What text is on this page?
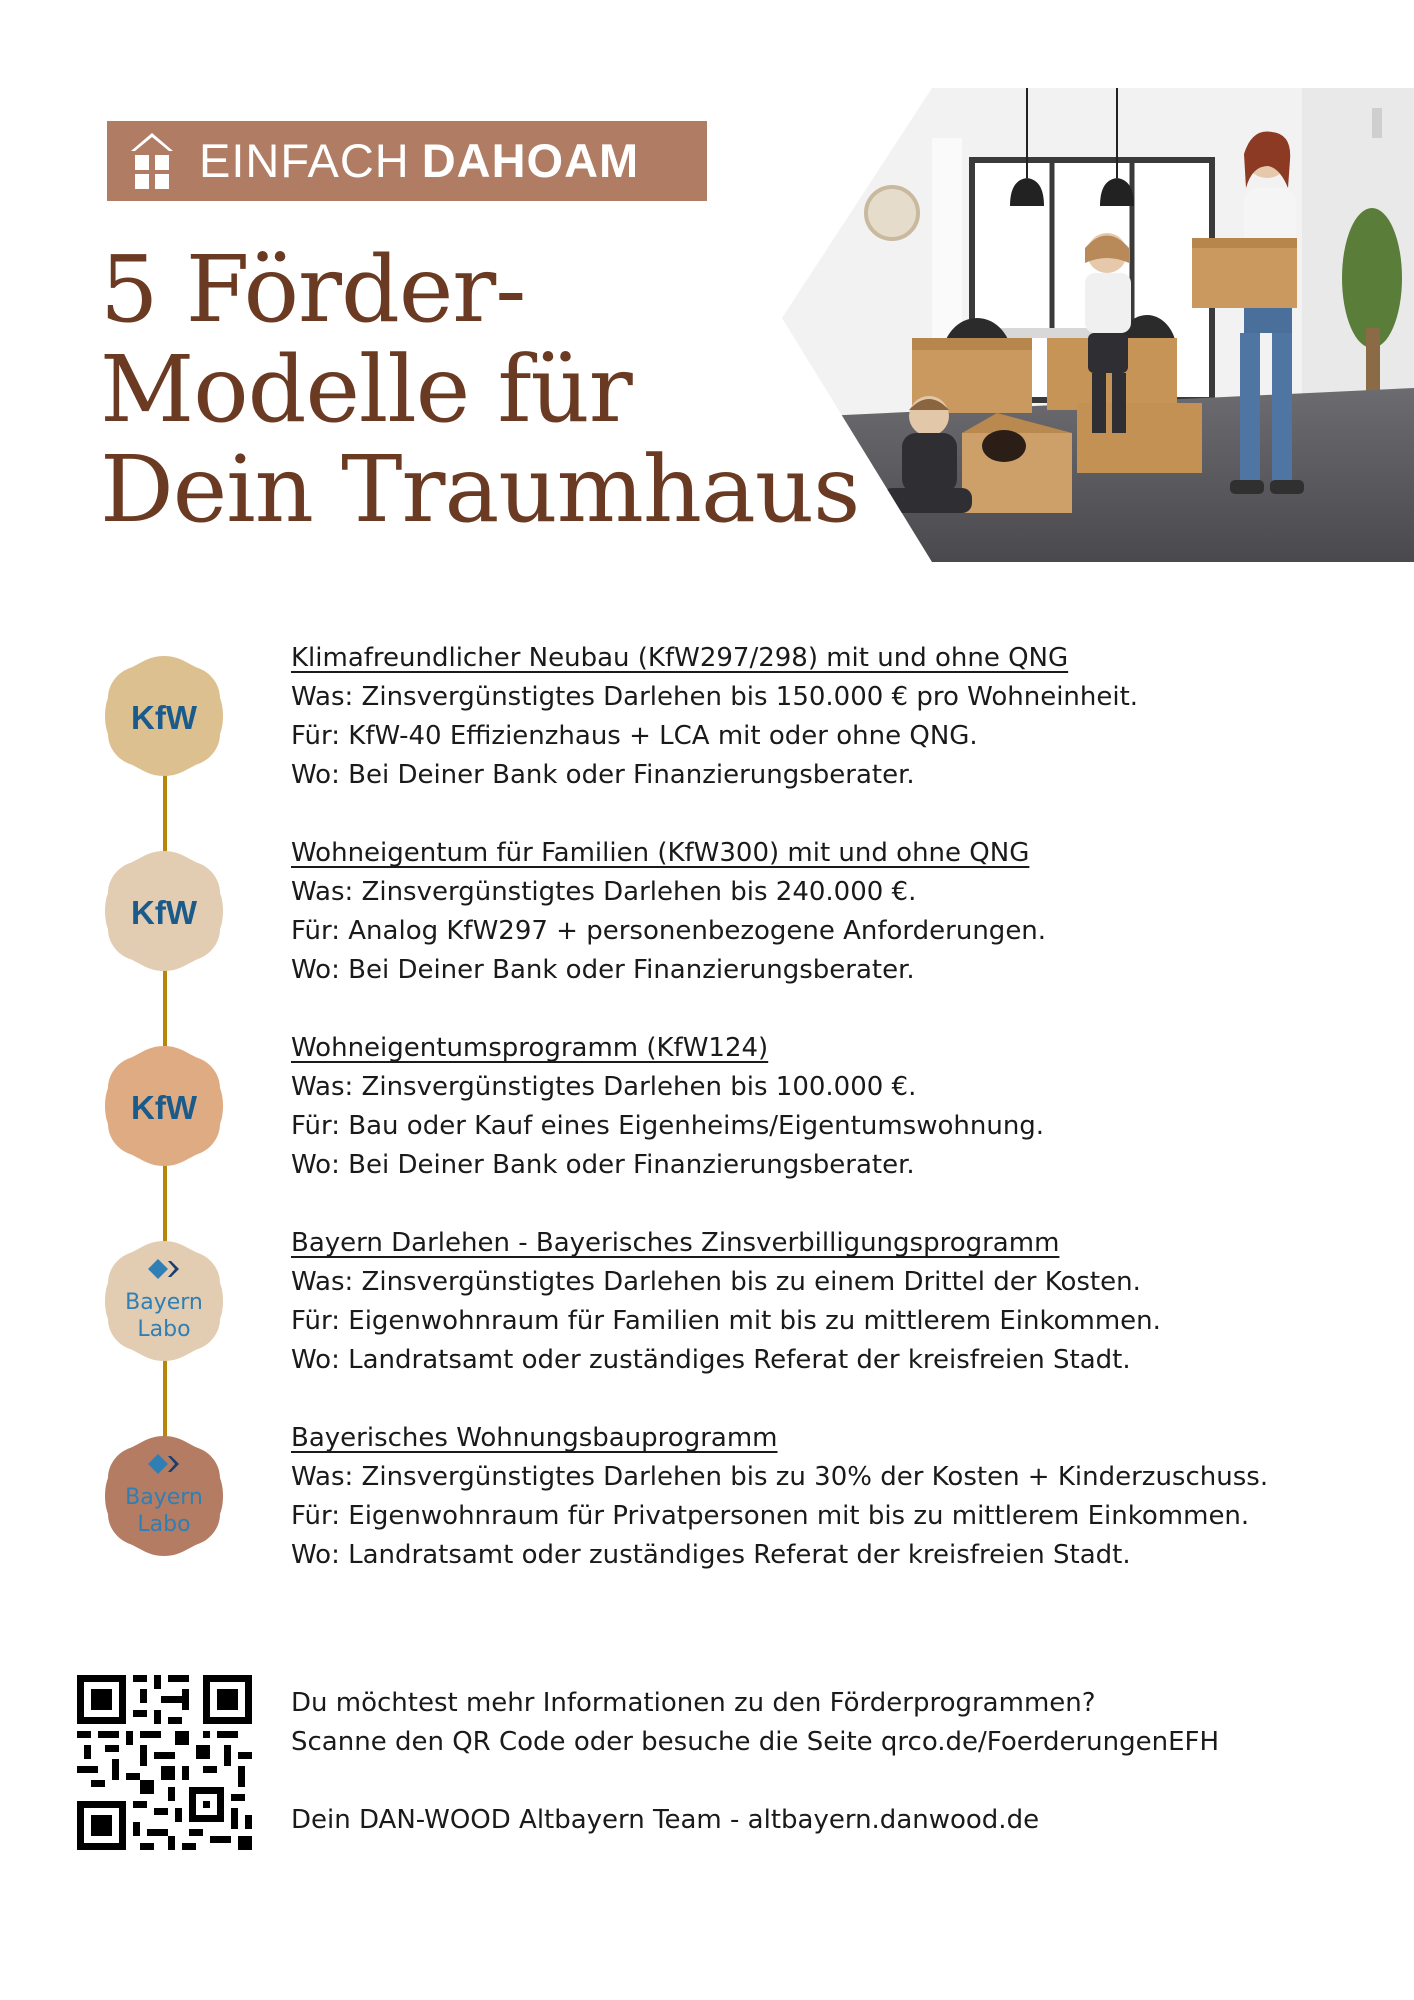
EINFACH DAHOAM
5 Förder-
Modelle für
Dein Traumhaus
KfW
KfW
KfW
Bayern
Labo
Bayern
Labo
Klimafreundlicher Neubau (KfW297/298) mit und ohne QNG
Was: Zinsvergünstigtes Darlehen bis 150.000 € pro Wohneinheit.
Für: KfW-40 Effizienzhaus + LCA mit oder ohne QNG.
Wo: Bei Deiner Bank oder Finanzierungsberater.
Wohneigentum für Familien (KfW300) mit und ohne QNG
Was: Zinsvergünstigtes Darlehen bis 240.000 €.
Für: Analog KfW297 + personenbezogene Anforderungen.
Wo: Bei Deiner Bank oder Finanzierungsberater.
Wohneigentumsprogramm (KfW124)
Was: Zinsvergünstigtes Darlehen bis 100.000 €.
Für: Bau oder Kauf eines Eigenheims/Eigentumswohnung.
Wo: Bei Deiner Bank oder Finanzierungsberater.
Bayern Darlehen - Bayerisches Zinsverbilligungsprogramm
Was: Zinsvergünstigtes Darlehen bis zu einem Drittel der Kosten.
Für: Eigenwohnraum für Familien mit bis zu mittlerem Einkommen.
Wo: Landratsamt oder zuständiges Referat der kreisfreien Stadt.
Bayerisches Wohnungsbauprogramm
Was: Zinsvergünstigtes Darlehen bis zu 30% der Kosten + Kinderzuschuss.
Für: Eigenwohnraum für Privatpersonen mit bis zu mittlerem Einkommen.
Wo: Landratsamt oder zuständiges Referat der kreisfreien Stadt.
Du möchtest mehr Informationen zu den Förderprogrammen?
Scanne den QR Code oder besuche die Seite qrco.de/FoerderungenEFH
Dein DAN-WOOD Altbayern Team - altbayern.danwood.de
